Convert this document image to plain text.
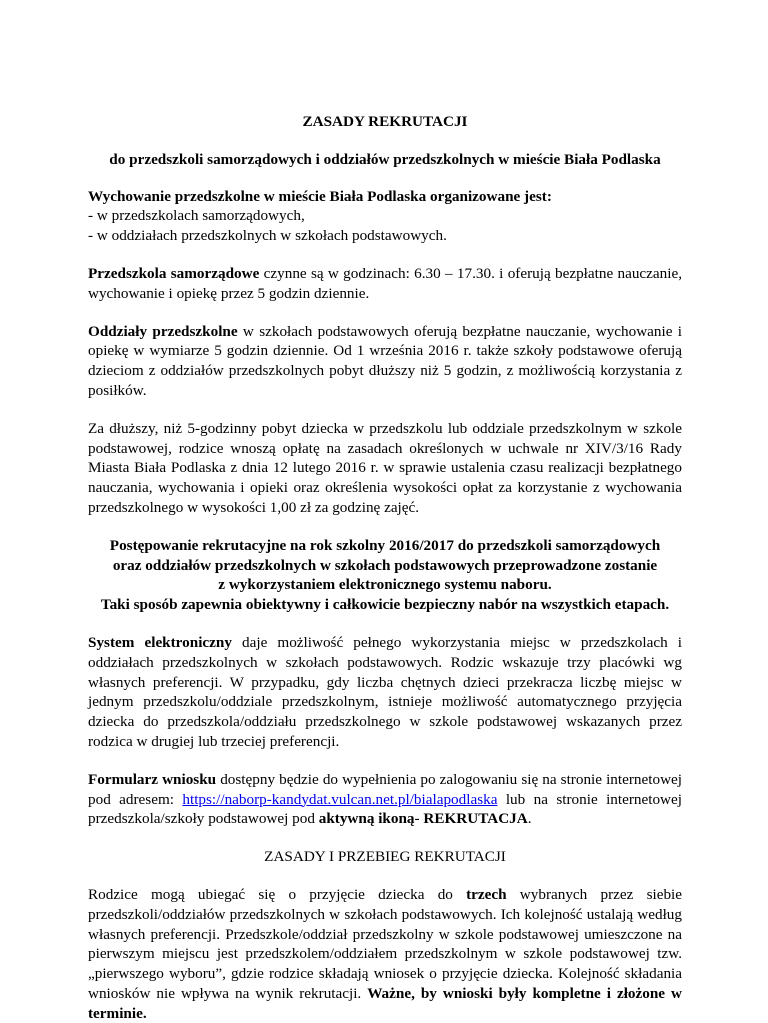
ZASADY REKRUTACJI

do przedszkoli samorządowych i oddziałów przedszkolnych w mieście Biała Podlaska

Wychowanie przedszkolne w mieście Biała Podlaska organizowane jest:

- w przedszkolach samorządowych,

- w oddziałach przedszkolnych w szkołach podstawowych.

Przedszkola samorządowe czynne są w godzinach: 6.30 – 17.30. i oferują bezpłatne nauczanie, wychowanie i opiekę przez 5 godzin dziennie.

Oddziały przedszkolne w szkołach podstawowych oferują bezpłatne nauczanie, wychowanie i opiekę w wymiarze 5 godzin dziennie. Od 1 września 2016 r. także szkoły podstawowe oferują dzieciom z oddziałów przedszkolnych pobyt dłuższy niż 5 godzin, z możliwością korzystania z posiłków.

Za dłuższy, niż 5-godzinny pobyt dziecka w przedszkolu lub oddziale przedszkolnym w szkole podstawowej, rodzice wnoszą opłatę na zasadach określonych w uchwale nr XIV/3/16 Rady Miasta Biała Podlaska z dnia 12 lutego 2016 r. w sprawie ustalenia czasu realizacji bezpłatnego nauczania, wychowania i opieki oraz określenia wysokości opłat za korzystanie z wychowania przedszkolnego w wysokości 1,00 zł za godzinę zajęć.

Postępowanie rekrutacyjne na rok szkolny 2016/2017 do przedszkoli samorządowych

oraz oddziałów przedszkolnych w szkołach podstawowych przeprowadzone zostanie

z wykorzystaniem elektronicznego systemu naboru.

Taki sposób zapewnia obiektywny i całkowicie bezpieczny nabór na wszystkich etapach.

System elektroniczny daje możliwość pełnego wykorzystania miejsc w przedszkolach i oddziałach przedszkolnych w szkołach podstawowych. Rodzic wskazuje trzy placówki wg własnych preferencji. W przypadku, gdy liczba chętnych dzieci przekracza liczbę miejsc w jednym przedszkolu/oddziale przedszkolnym, istnieje możliwość automatycznego przyjęcia dziecka do przedszkola/oddziału przedszkolnego w szkole podstawowej wskazanych przez rodzica w drugiej lub trzeciej preferencji.

Formularz wniosku dostępny będzie do wypełnienia po zalogowaniu się na stronie internetowej pod adresem: https://naborp-kandydat.vulcan.net.pl/bialapodlaska lub na stronie internetowej przedszkola/szkoły podstawowej pod aktywną ikoną- REKRUTACJA.

ZASADY I PRZEBIEG REKRUTACJI

Rodzice mogą ubiegać się o przyjęcie dziecka do trzech wybranych przez siebie przedszkoli/oddziałów przedszkolnych w szkołach podstawowych. Ich kolejność ustalają według własnych preferencji. Przedszkole/oddział przedszkolny w szkole podstawowej umieszczone na pierwszym miejscu jest przedszkolem/oddziałem przedszkolnym w szkole podstawowej tzw. „pierwszego wyboru”, gdzie rodzice składają wniosek o przyjęcie dziecka. Kolejność składania wniosków nie wpływa na wynik rekrutacji. Ważne, by wnioski były kompletne i złożone w terminie.
